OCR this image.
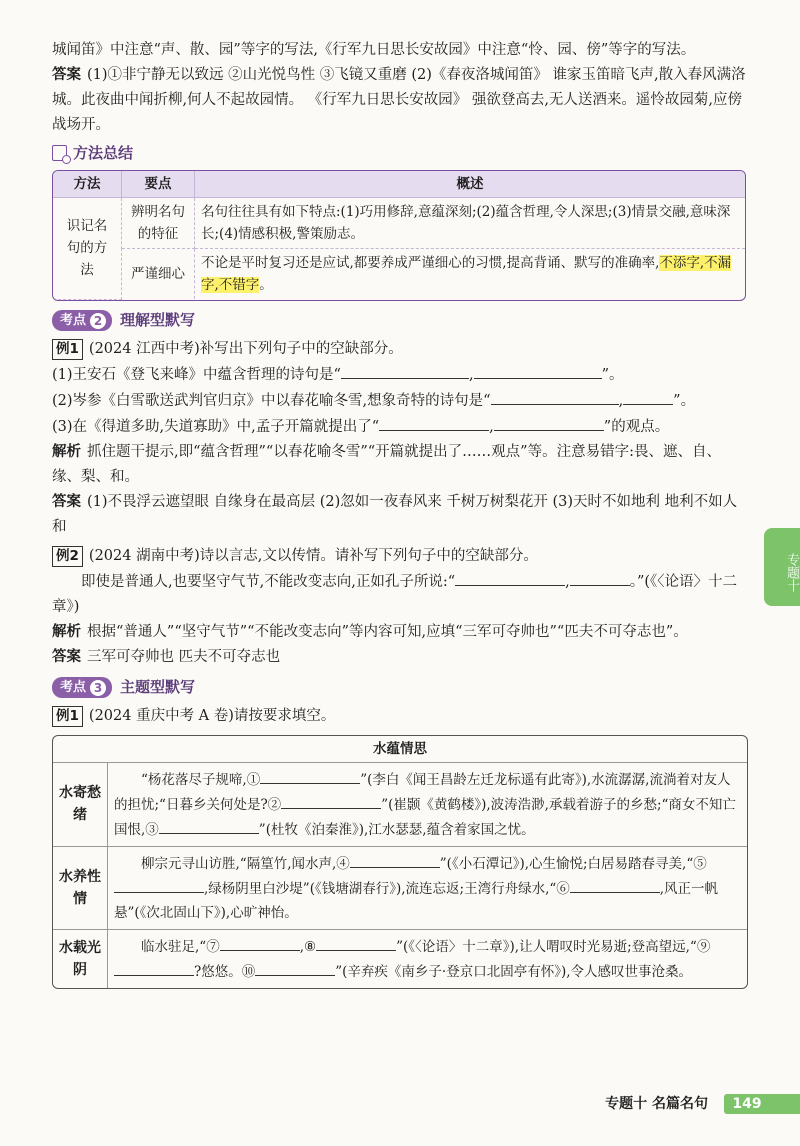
城闻笛》中注意“声、散、园”等字的写法,《行军九日思长安故园》中注意“怜、园、傍”等字的写法。

答案 (1)①非宁静无以致远 ②山光悦鸟性 ③飞镜又重磨 (2)《春夜洛城闻笛》 谁家玉笛暗飞声,散入春风满洛城。此夜曲中闻折柳,何人不起故园情。 《行军九日思长安故园》 强欲登高去,无人送酒来。遥怜故园菊,应傍战场开。

方法总结
方法	要点	概述
识记名句的方法	辨明名句的特征	名句往往具有如下特点:(1)巧用修辞,意蕴深刻;(2)蕴含哲理,令人深思;(3)情景交融,意味深长;(4)情感积极,警策励志。
	严谨细心	不论是平时复习还是应试,都要养成严谨细心的习惯,提高背诵、默写的准确率,不添字,不漏字,不错字。
考点 2 理解型默写

例1 (2024 江西中考)补写出下列句子中的空缺部分。

(1)王安石《登飞来峰》中蕴含哲理的诗句是“	,	”。

(2)岑参《白雪歌送武判官归京》中以春花喻冬雪,想象奇特的诗句是“	,	”。

(3)在《得道多助,失道寡助》中,孟子开篇就提出了“	,	”的观点。

解析 抓住题干提示,即“蕴含哲理”“以春花喻冬雪”“开篇就提出了……观点”等。注意易错字:畏、遮、自、缘、梨、和。

答案 (1)不畏浮云遮望眼 自缘身在最高层 (2)忽如一夜春风来 千树万树梨花开 (3)天时不如地利 地利不如人和

例2 (2024 湖南中考)诗以言志,文以传情。请补写下列句子中的空缺部分。

即使是普通人,也要坚守气节,不能改变志向,正如孔子所说:“	,	。”(《〈论语〉十二章》)

解析 根据“普通人”“坚守气节”“不能改变志向”等内容可知,应填“三军可夺帅也”“匹夫不可夺志也”。

答案 三军可夺帅也 匹夫不可夺志也

考点 3 主题型默写

例1 (2024 重庆中考 A 卷)请按要求填空。

水蕴情思	
水寄愁绪	“杨花落尽子规啼,① ”(李白《闻王昌龄左迁龙标遥有此寄》),水流潺潺,流淌着对友人的担忧;“日暮乡关何处是?② ”(崔颢《黄鹤楼》),波涛浩渺,承载着游子的乡愁;“商女不知亡国恨,③ ”(杜牧《泊秦淮》),江水瑟瑟,蕴含着家国之忧。
水养性情	柳宗元寻山访胜,“隔篁竹,闻水声,④ ”(《小石潭记》),心生愉悦;白居易踏春寻美,“⑤,绿杨阴里白沙堤”(《钱塘湖春行》),流连忘返;王湾行舟绿水,“⑥ ,风正一帆悬”(《次北固山下》),心旷神怡。
水载光阴	临水驻足,“⑦ ,⑧ ”(《〈论语〉十二章》),让人喟叹时光易逝;登高望远,“⑨?悠悠。⑩ ”(辛弃疾《南乡子·登京口北固亭有怀》),令人感叹世事沧桑。
专题十
专题十 名篇名句	149
